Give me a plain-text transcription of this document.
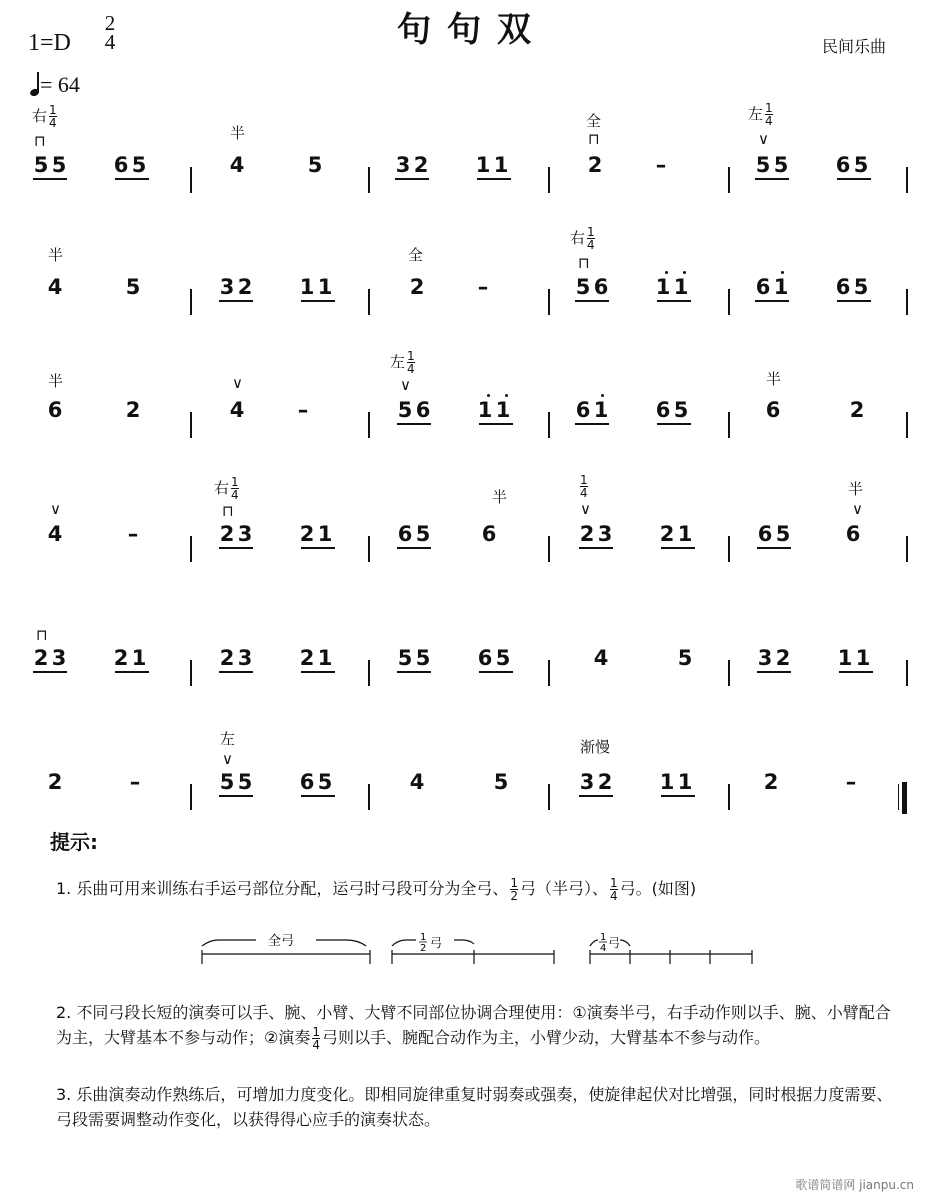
句句双
1=D
2
4
= 64
民间乐曲
右 $\frac{1}{4}$
⊓
5 5 6 5
半
4	5	3 2 1 1
全
⊓
2	–
左 $\frac{1}{4}$
∨
5 5 6 5
半
4	5	3 2 1 1
全
2	–
右 $\frac{1}{4}$
⊓
5 6 1 1	6 1 6 5
半
6	2
∨
4	–
左 $\frac{1}{4}$
∨
5 6 1 1	6 1 6 5
半
6	2
∨
4	–
右 $\frac{1}{4}$
⊓
2 3 2 1
半
6 5 6
$\frac{1}{4}$
∨
2 3 2 1
半
∨
6 5	6
⊓
2 3 2 1	2 3 2 1	5 5 6 5	4	5	3 2 1 1
2	–
左
∨
5 5 6 5	4	5
渐慢
3 2 1 1	2	–
提示:
1. 乐曲可用来训练右手运弓部位分配，运弓时弓段可分为全弓、 $\frac{1}{2}$ 弓（半弓）、 $\frac{1}{4}$ 弓。(如图)
全弓	1
2 弓	1
4 弓
2. 不同弓段长短的演奏可以手、腕、小臂、大臂不同部位协调合理使用：①演奏半弓，右手动作则以手、腕、小臂配合为主，大臂基本不参与动作；②演奏 $\frac{1}{4}$ 弓则以手、腕配合动作为主，小臂少动，大臂基本不参与动作。
3. 乐曲演奏动作熟练后，可增加力度变化。即相同旋律重复时弱奏或强奏，使旋律起伏对比增强，同时根据力度需要、弓段需要调整动作变化，以获得得心应手的演奏状态。
歌谱简谱网 jianpu.cn
